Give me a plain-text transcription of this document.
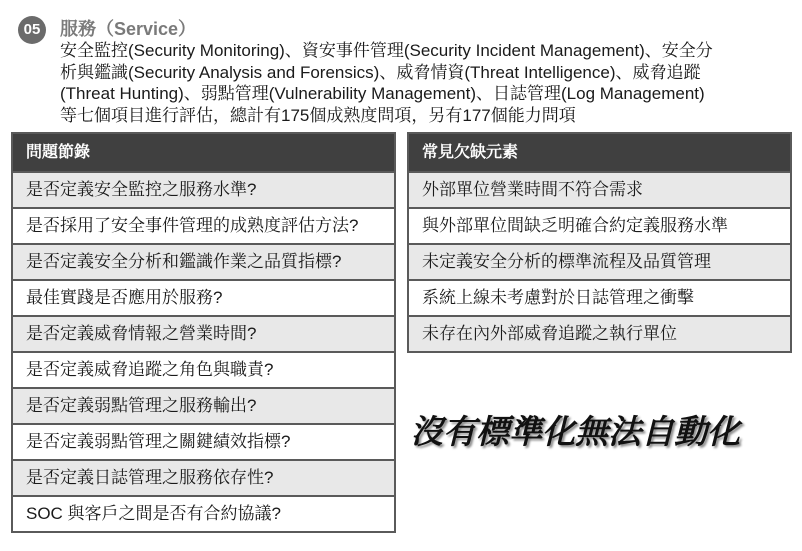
05	服務（Service）
安全監控(Security Monitoring)、資安事件管理(Security Incident Management)、安全分
析與鑑識(Security Analysis and Forensics)、威脅情資(Threat Intelligence)、威脅追蹤
(Threat Hunting)、弱點管理(Vulnerability Management)、日誌管理(Log Management)
等七個項目進行評估，總計有175個成熟度問項，另有177個能力問項
問題節錄
是否定義安全監控之服務水準?
是否採用了安全事件管理的成熟度評估方法?
是否定義安全分析和鑑識作業之品質指標?
最佳實踐是否應用於服務?
是否定義威脅情報之營業時間?
是否定義威脅追蹤之角色與職責?
是否定義弱點管理之服務輸出?
是否定義弱點管理之關鍵績效指標?
是否定義日誌管理之服務依存性?
SOC 與客戶之間是否有合約協議?
常見欠缺元素
外部單位營業時間不符合需求
與外部單位間缺乏明確合約定義服務水準
未定義安全分析的標準流程及品質管理
系統上線未考慮對於日誌管理之衝擊
未存在內外部威脅追蹤之執行單位
沒有標準化無法自動化
